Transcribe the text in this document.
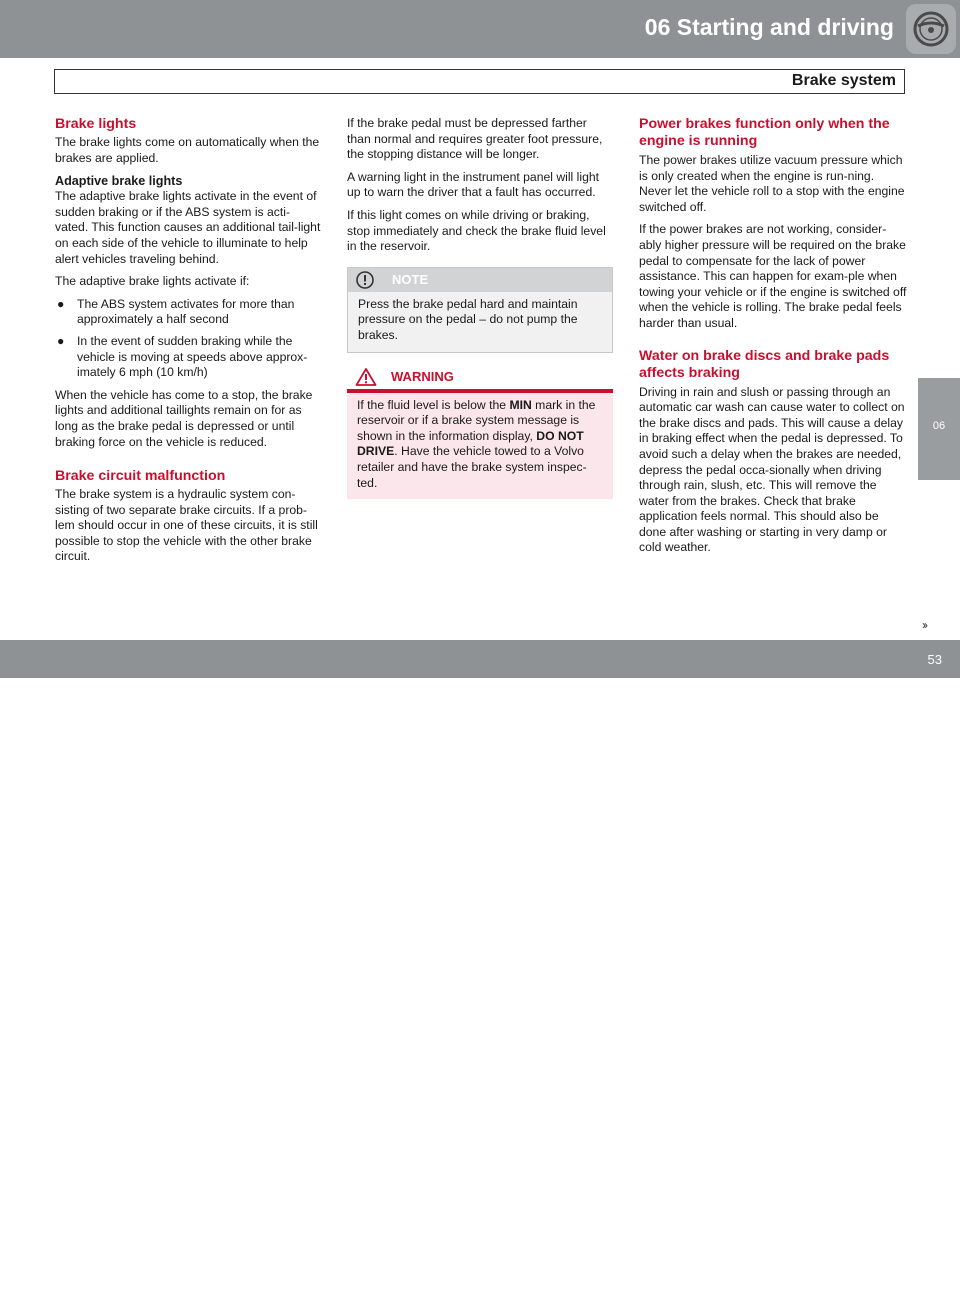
06 Starting and driving
Brake system
Brake lights

The brake lights come on automatically when the brakes are applied.

Adaptive brake lights

The adaptive brake lights activate in the event of sudden braking or if the ABS system is acti-vated. This function causes an additional tail-light on each side of the vehicle to illuminate to help alert vehicles traveling behind.

The adaptive brake lights activate if:

● The ABS system activates for more than approximately a half second
● In the event of sudden braking while the vehicle is moving at speeds above approx-imately 6 mph (10 km/h)

When the vehicle has come to a stop, the brake lights and additional taillights remain on for as long as the brake pedal is depressed or until braking force on the vehicle is reduced.

Brake circuit malfunction

The brake system is a hydraulic system con-sisting of two separate brake circuits. If a prob-lem should occur in one of these circuits, it is still possible to stop the vehicle with the other brake circuit.

If the brake pedal must be depressed farther than normal and requires greater foot pressure, the stopping distance will be longer.

A warning light in the instrument panel will light up to warn the driver that a fault has occurred.

If this light comes on while driving or braking, stop immediately and check the brake fluid level in the reservoir.

NOTE
Press the brake pedal hard and maintain pressure on the pedal – do not pump the brakes.
WARNING
If the fluid level is below the MIN mark in the reservoir or if a brake system message is shown in the information display, DO NOT DRIVE. Have the vehicle towed to a Volvo retailer and have the brake system inspec-ted.
Power brakes function only when the engine is running

The power brakes utilize vacuum pressure which is only created when the engine is run-ning. Never let the vehicle roll to a stop with the engine switched off.

If the power brakes are not working, consider-ably higher pressure will be required on the brake pedal to compensate for the lack of power assistance. This can happen for exam-ple when towing your vehicle or if the engine is switched off when the vehicle is rolling. The brake pedal feels harder than usual.

Water on brake discs and brake pads affects braking

Driving in rain and slush or passing through an automatic car wash can cause water to collect on the brake discs and pads. This will cause a delay in braking effect when the pedal is depressed. To avoid such a delay when the brakes are needed, depress the pedal occa-sionally when driving through rain, slush, etc. This will remove the water from the brakes. Check that brake application feels normal. This should also be done after washing or starting in very damp or cold weather.

06
››
carmanualsonline.info
53
